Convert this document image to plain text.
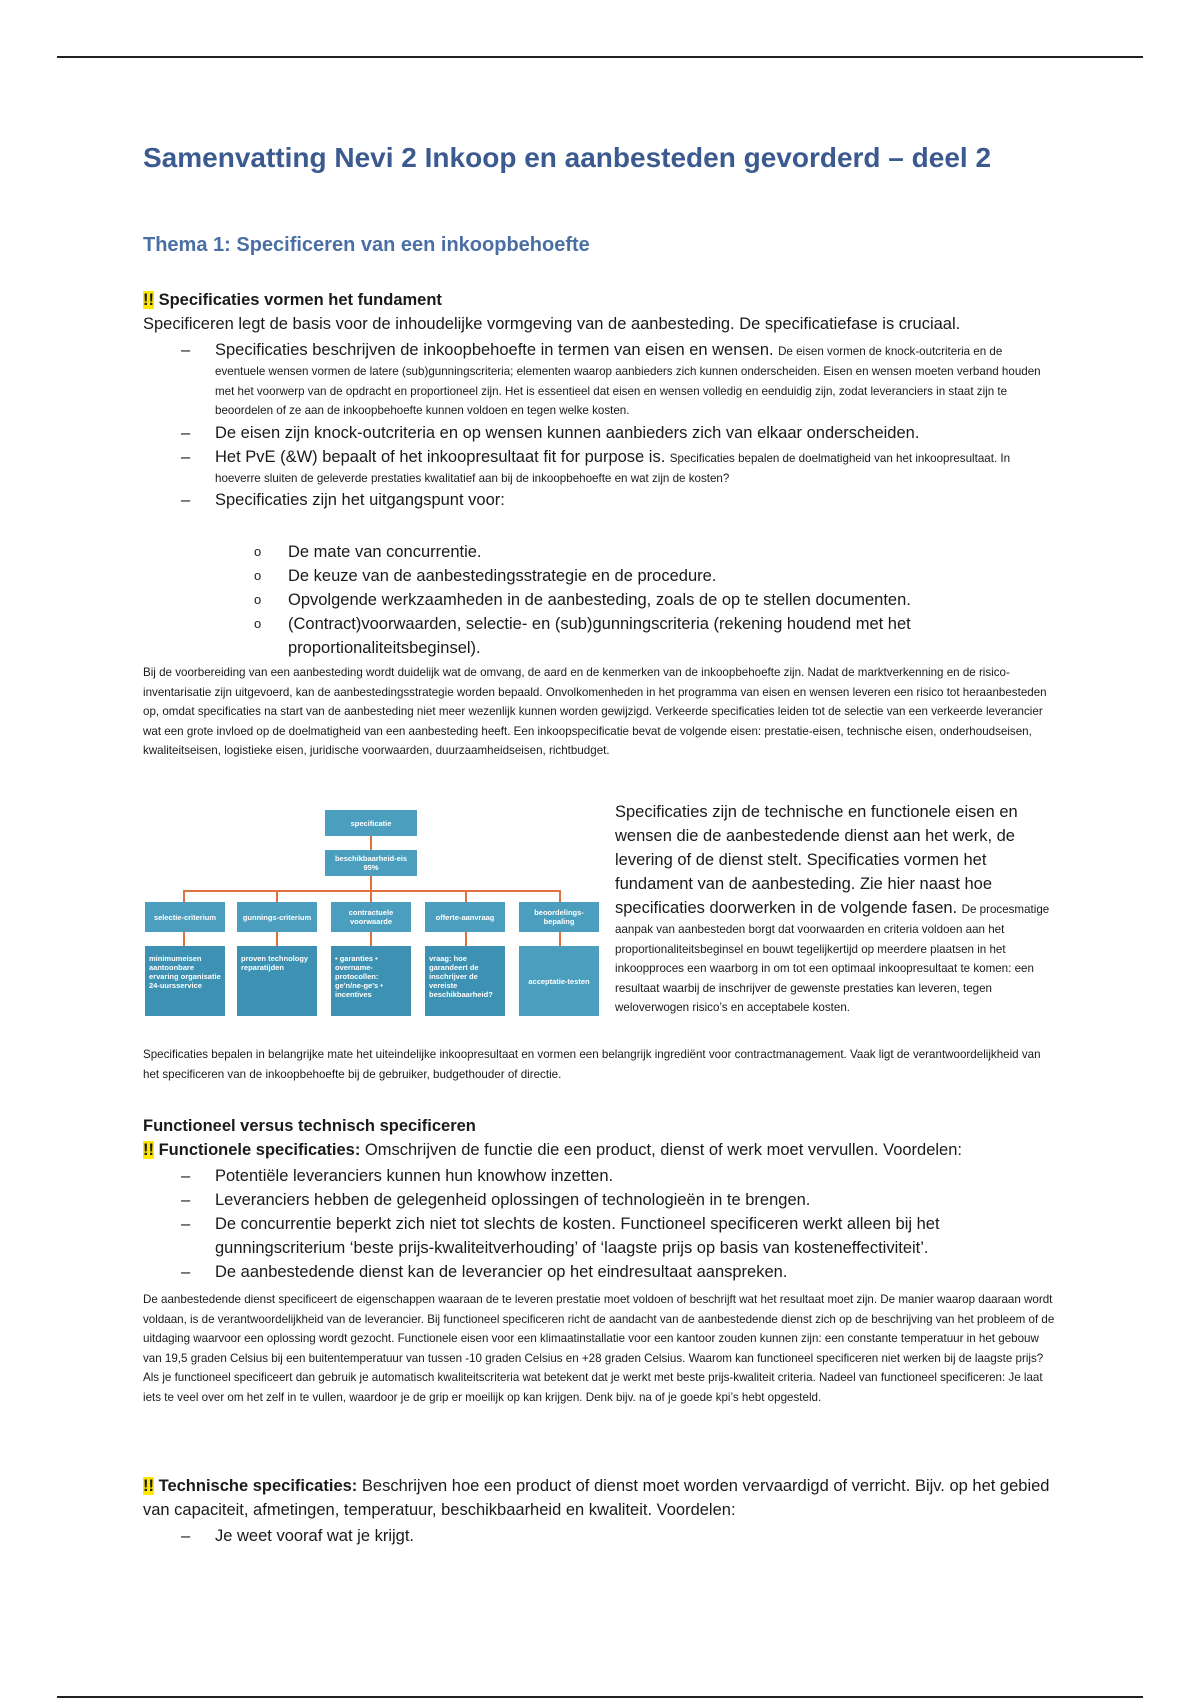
Samenvatting Nevi 2 Inkoop en aanbesteden gevorderd – deel 2
Thema 1: Specificeren van een inkoopbehoefte
!! Specificaties vormen het fundament
Specificeren legt de basis voor de inhoudelijke vormgeving van de aanbesteding. De specificatiefase is cruciaal.
– Specificaties beschrijven de inkoopbehoefte in termen van eisen en wensen. De eisen vormen de knock-outcriteria en de eventuele wensen vormen de latere (sub)gunningscriteria; elementen waarop aanbieders zich kunnen onderscheiden. Eisen en wensen moeten verband houden met het voorwerp van de opdracht en proportioneel zijn. Het is essentieel dat eisen en wensen volledig en eenduidig zijn, zodat leveranciers in staat zijn te beoordelen of ze aan de inkoopbehoefte kunnen voldoen en tegen welke kosten.
– De eisen zijn knock-outcriteria en op wensen kunnen aanbieders zich van elkaar onderscheiden.
– Het PvE (&W) bepaalt of het inkoopresultaat fit for purpose is. Specificaties bepalen de doelmatigheid van het inkoopresultaat. In hoeverre sluiten de geleverde prestaties kwalitatief aan bij de inkoopbehoefte en wat zijn de kosten?
– Specificaties zijn het uitgangspunt voor:
o De mate van concurrentie.
o De keuze van de aanbestedingsstrategie en de procedure.
o Opvolgende werkzaamheden in de aanbesteding, zoals de op te stellen documenten.
o (Contract)voorwaarden, selectie- en (sub)gunningscriteria (rekening houdend met het proportionaliteitsbeginsel).
Bij de voorbereiding van een aanbesteding wordt duidelijk wat de omvang, de aard en de kenmerken van de inkoopbehoefte zijn. Nadat de marktverkenning en de risico- inventarisatie zijn uitgevoerd, kan de aanbestedingsstrategie worden bepaald. Onvolkomenheden in het programma van eisen en wensen leveren een risico tot heraanbesteden op, omdat specificaties na start van de aanbesteding niet meer wezenlijk kunnen worden gewijzigd. Verkeerde specificaties leiden tot de selectie van een verkeerde leverancier wat een grote invloed op de doelmatigheid van een aanbesteding heeft. Een inkoopspecificatie bevat de volgende eisen: prestatie-eisen, technische eisen, onderhoudseisen, kwaliteitseisen, logistieke eisen, juridische voorwaarden, duurzaamheidseisen, richtbudget.
specificatie
beschikbaarheid-eis 95%
selectie-criterium	gunnings-criterium	contractuele voorwaarde	offerte-aanvraag	beoordelings-bepaling
minimumeisen aantoonbare ervaring organisatie 24-uursservice
proven technology reparatijden
• garanties • overname-protocollen: ge'n/ne-ge's • incentives
vraag: hoe garandeert de inschrijver de vereiste beschikbaarheid?
acceptatie-testen
Specificaties zijn de technische en functionele eisen en wensen die de aanbestedende dienst aan het werk, de levering of de dienst stelt. Specificaties vormen het fundament van de aanbesteding. Zie hier naast hoe specificaties doorwerken in de volgende fasen. De procesmatige aanpak van aanbesteden borgt dat voorwaarden en criteria voldoen aan het proportionaliteitsbeginsel en bouwt tegelijkertijd op meerdere plaatsen in het inkoopproces een waarborg in om tot een optimaal inkoopresultaat te komen: een resultaat waarbij de inschrijver de gewenste prestaties kan leveren, tegen weloverwogen risico’s en acceptabele kosten.
Specificaties bepalen in belangrijke mate het uiteindelijke inkoopresultaat en vormen een belangrijk ingrediënt voor contractmanagement. Vaak ligt de verantwoordelijkheid van het specificeren van de inkoopbehoefte bij de gebruiker, budgethouder of directie.
Functioneel versus technisch specificeren
!! Functionele specificaties: Omschrijven de functie die een product, dienst of werk moet vervullen. Voordelen:
– Potentiële leveranciers kunnen hun knowhow inzetten.
– Leveranciers hebben de gelegenheid oplossingen of technologieën in te brengen.
– De concurrentie beperkt zich niet tot slechts de kosten. Functioneel specificeren werkt alleen bij het gunningscriterium ‘beste prijs-kwaliteitverhouding’ of ‘laagste prijs op basis van kosteneffectiviteit’.
– De aanbestedende dienst kan de leverancier op het eindresultaat aanspreken.
De aanbestedende dienst specificeert de eigenschappen waaraan de te leveren prestatie moet voldoen of beschrijft wat het resultaat moet zijn. De manier waarop daaraan wordt voldaan, is de verantwoordelijkheid van de leverancier. Bij functioneel specificeren richt de aandacht van de aanbestedende dienst zich op de beschrijving van het probleem of de uitdaging waarvoor een oplossing wordt gezocht. Functionele eisen voor een klimaatinstallatie voor een kantoor zouden kunnen zijn: een constante temperatuur in het gebouw van 19,5 graden Celsius bij een buitentemperatuur van tussen -10 graden Celsius en +28 graden Celsius. Waarom kan functioneel specificeren niet werken bij de laagste prijs? Als je functioneel specificeert dan gebruik je automatisch kwaliteitscriteria wat betekent dat je werkt met beste prijs-kwaliteit criteria. Nadeel van functioneel specificeren: Je laat iets te veel over om het zelf in te vullen, waardoor je de grip er moeilijk op kan krijgen. Denk bijv. na of je goede kpi’s hebt opgesteld.
!! Technische specificaties: Beschrijven hoe een product of dienst moet worden vervaardigd of verricht. Bijv. op het gebied van capaciteit, afmetingen, temperatuur, beschikbaarheid en kwaliteit. Voordelen:
– Je weet vooraf wat je krijgt.
